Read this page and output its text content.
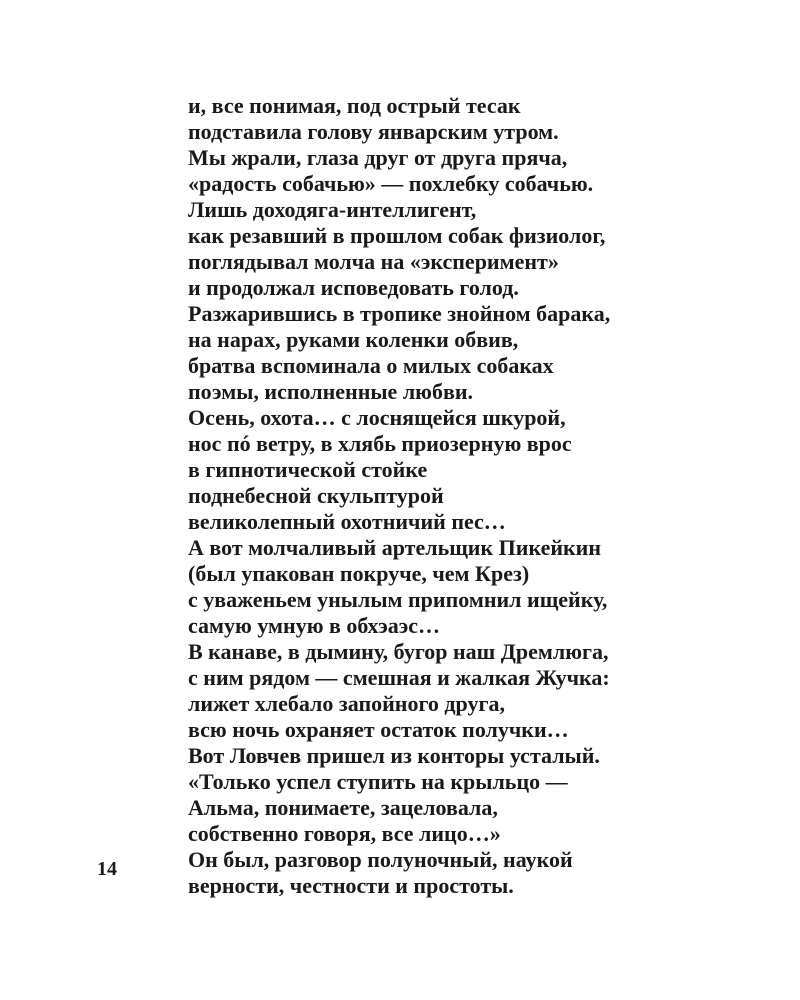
и, все понимая, под острый тесак
подставила голову январским утром.
Мы жрали, глаза друг от друга пряча,
«радость собачью» — похлебку собачью.
Лишь доходяга-интеллигент,
как резавший в прошлом собак физиолог,
поглядывал молча на «эксперимент»
и продолжал исповедовать голод.
Разжарившись в тропике знойном барака,
на нарах, руками коленки обвив,
братва вспоминала о милых собаках
поэмы, исполненные любви.
Осень, охота… с лоснящейся шкурой,
нос пó ветру, в хлябь приозерную врос
в гипнотической стойке
поднебесной скульптурой
великолепный охотничий пес…
А вот молчаливый артельщик Пикейкин
(был упакован покруче, чем Крез)
с уваженьем унылым припомнил ищейку,
самую умную в обхэаэс…
В канаве, в дымину, бугор наш Дремлюга,
с ним рядом — смешная и жалкая Жучка:
лижет хлебало запойного друга,
всю ночь охраняет остаток получки…
Вот Ловчев пришел из конторы усталый.
«Только успел ступить на крыльцо —
Альма, понимаете, зацеловала,
собственно говоря, все лицо…»
Он был, разговор полуночный, наукой
верности, честности и простоты.
14
